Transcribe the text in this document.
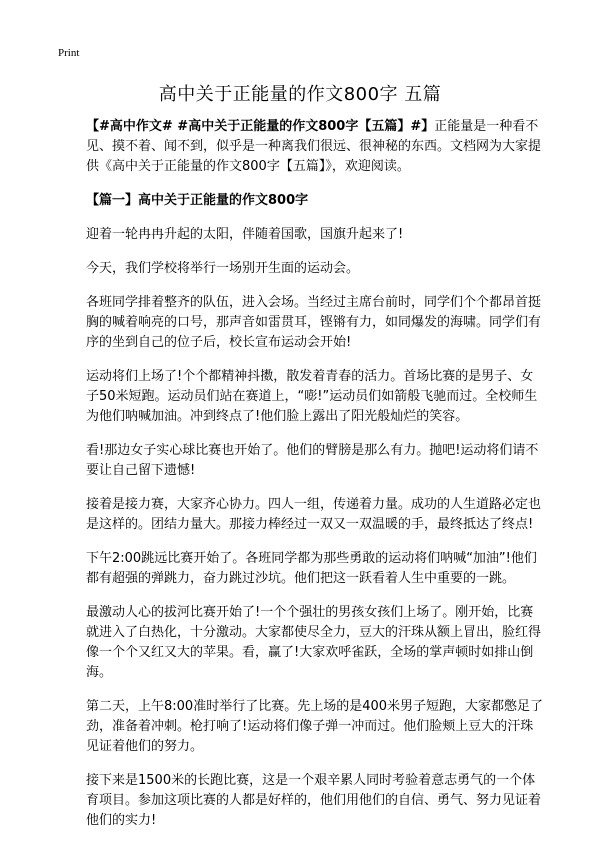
Print
高中关于正能量的作文800字 五篇

【#高中作文# #高中关于正能量的作文800字【五篇】#】正能量是一种看不见、摸不着、闻不到，似乎是一种离我们很远、很神秘的东西。文档网为大家提供《高中关于正能量的作文800字【五篇】》，欢迎阅读。

【篇一】高中关于正能量的作文800字

迎着一轮冉冉升起的太阳，伴随着国歌，国旗升起来了!

今天，我们学校将举行一场别开生面的运动会。

各班同学排着整齐的队伍，进入会场。当经过主席台前时，同学们个个都昂首挺胸的喊着响亮的口号，那声音如雷贯耳，铿锵有力，如同爆发的海啸。同学们有序的坐到自己的位子后，校长宣布运动会开始!

运动将们上场了!个个都精神抖擞，散发着青春的活力。首场比赛的是男子、女子50米短跑。运动员们站在赛道上，“嘭!”运动员们如箭般飞驰而过。全校师生为他们呐喊加油。冲到终点了!他们脸上露出了阳光般灿烂的笑容。

看!那边女子实心球比赛也开始了。他们的臂膀是那么有力。抛吧!运动将们请不要让自己留下遗憾!

接着是接力赛，大家齐心协力。四人一组，传递着力量。成功的人生道路必定也是这样的。团结力量大。那接力棒经过一双又一双温暖的手，最终抵达了终点!

下午2:00跳远比赛开始了。各班同学都为那些勇敢的运动将们呐喊“加油”!他们都有超强的弹跳力，奋力跳过沙坑。他们把这一跃看着人生中重要的一跳。

最激动人心的拔河比赛开始了!一个个强壮的男孩女孩们上场了。刚开始，比赛就进入了白热化，十分激动。大家都使尽全力，豆大的汗珠从额上冒出，脸红得像一个个又红又大的苹果。看，赢了!大家欢呼雀跃，全场的掌声顿时如排山倒海。

第二天，上午8:00准时举行了比赛。先上场的是400米男子短跑，大家都憋足了劲，准备着冲刺。枪打响了!运动将们像子弹一冲而过。他们脸颊上豆大的汗珠见证着他们的努力。

接下来是1500米的长跑比赛，这是一个艰辛累人同时考验着意志勇气的一个体育项目。参加这项比赛的人都是好样的，他们用他们的自信、勇气、努力见证着他们的实力!
